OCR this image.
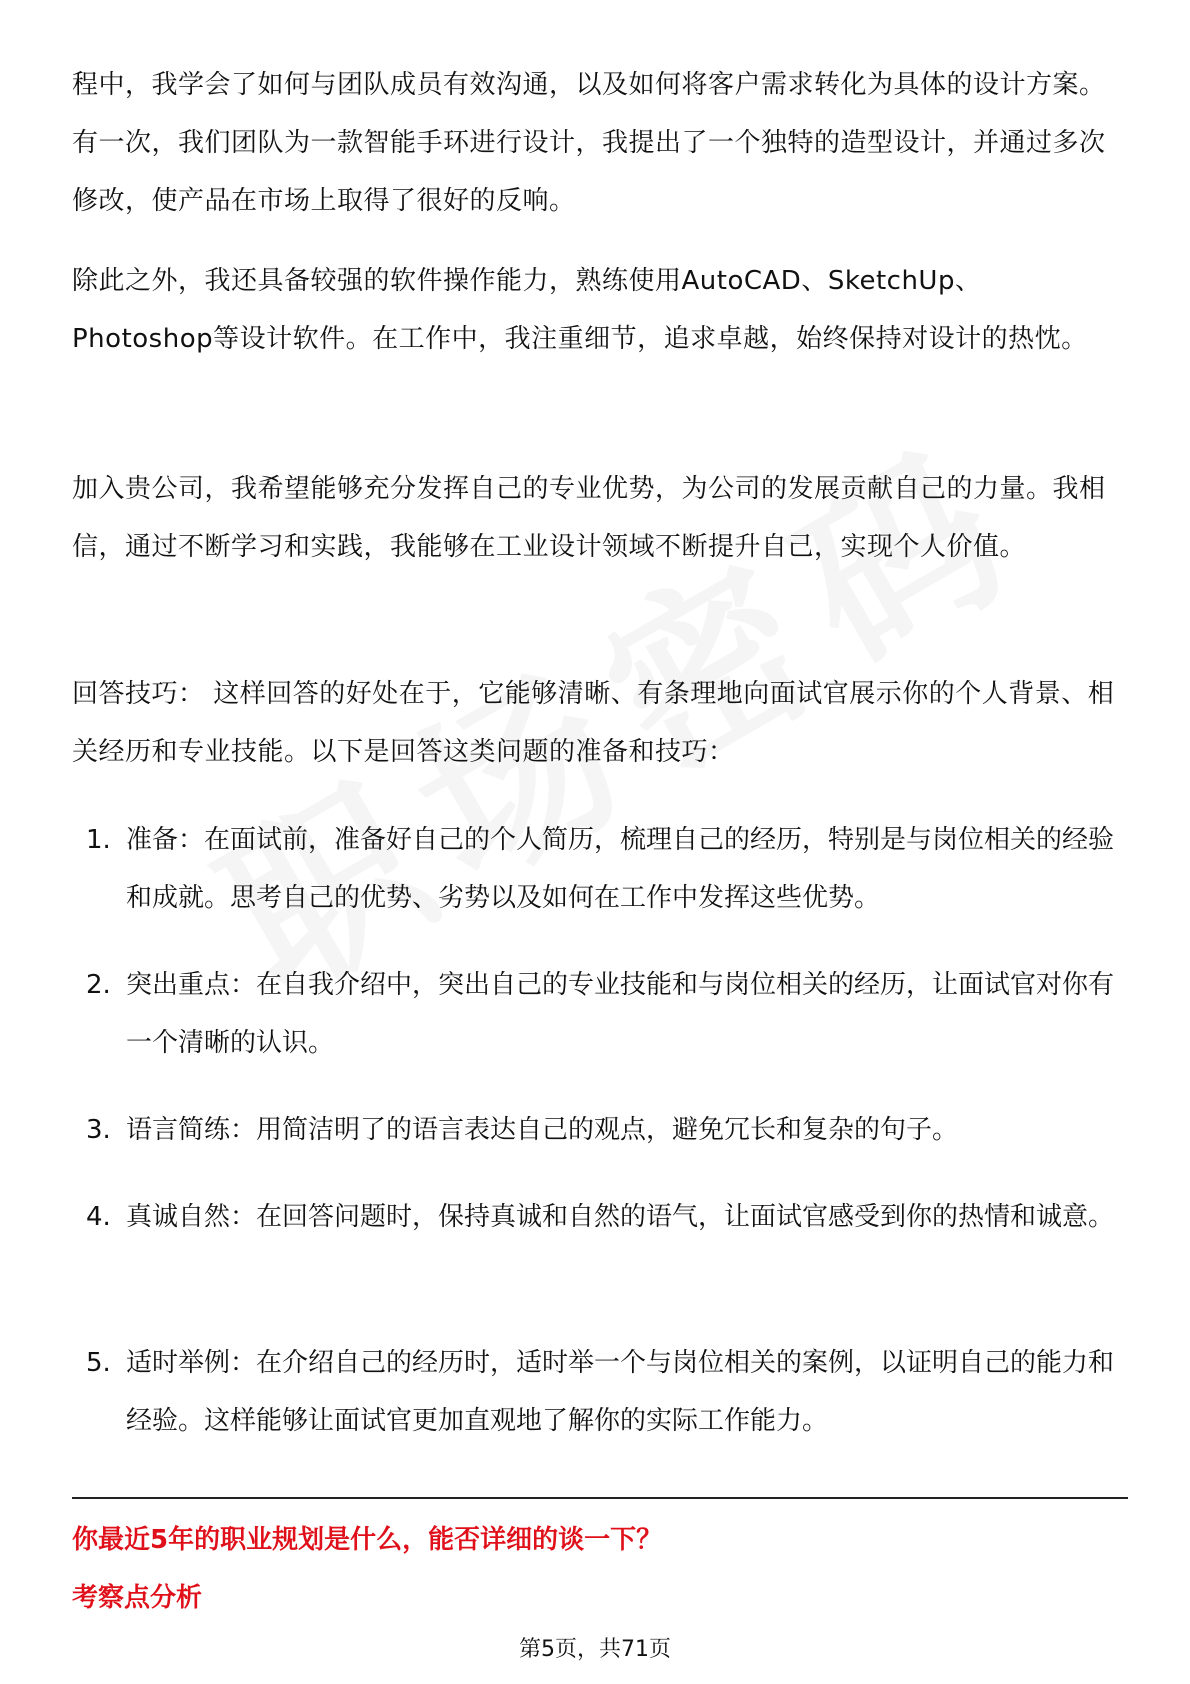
程中，我学会了如何与团队成员有效沟通，以及如何将客户需求转化为具体的设计方案。有一次，我们团队为一款智能手环进行设计，我提出了一个独特的造型设计，并通过多次修改，使产品在市场上取得了很好的反响。

除此之外，我还具备较强的软件操作能力，熟练使用AutoCAD、SketchUp、Photoshop等设计软件。在工作中，我注重细节，追求卓越，始终保持对设计的热忱。

加入贵公司，我希望能够充分发挥自己的专业优势，为公司的发展贡献自己的力量。我相信，通过不断学习和实践，我能够在工业设计领域不断提升自己，实现个人价值。

回答技巧： 这样回答的好处在于，它能够清晰、有条理地向面试官展示你的个人背景、相关经历和专业技能。以下是回答这类问题的准备和技巧：

1. 准备：在面试前，准备好自己的个人简历，梳理自己的经历，特别是与岗位相关的经验和成就。思考自己的优势、劣势以及如何在工作中发挥这些优势。
2. 突出重点：在自我介绍中，突出自己的专业技能和与岗位相关的经历，让面试官对你有一个清晰的认识。
3. 语言简练：用简洁明了的语言表达自己的观点，避免冗长和复杂的句子。
4. 真诚自然：在回答问题时，保持真诚和自然的语气，让面试官感受到你的热情和诚意。
5. 适时举例：在介绍自己的经历时，适时举一个与岗位相关的案例，以证明自己的能力和经验。这样能够让面试官更加直观地了解你的实际工作能力。
你最近5年的职业规划是什么，能否详细的谈一下？
考察点分析
第5页，共71页
